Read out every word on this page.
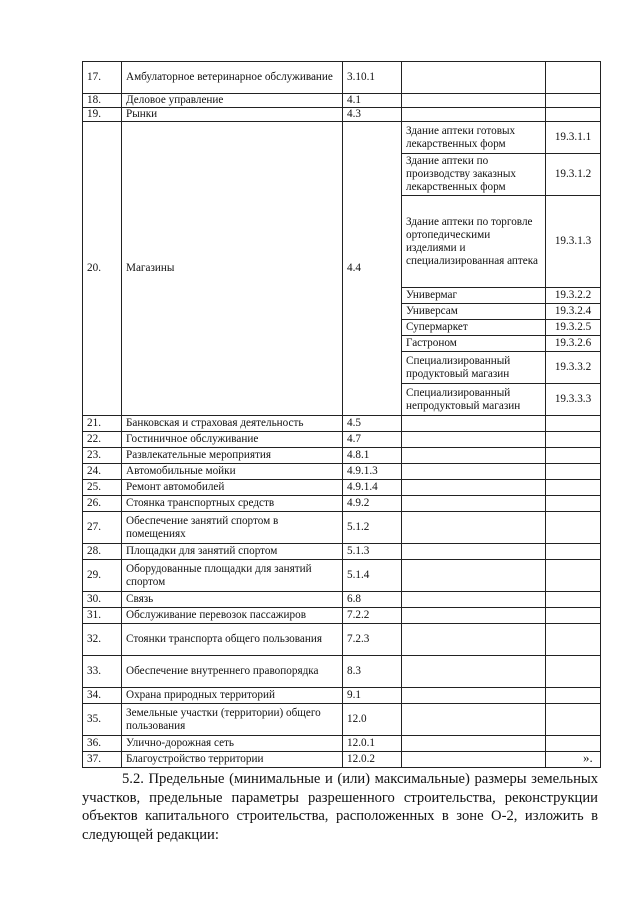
17.	Амбулаторное ветеринарное обслуживание	3.10.1		
18.	Деловое управление	4.1		
19.	Рынки	4.3		
20.	Магазины	4.4	Здание аптеки готовых лекарственных форм	19.3.1.1
			Здание аптеки по производству заказных лекарственных форм	19.3.1.2
			Здание аптеки по торговле ортопедическими изделиями и специализированная аптека	19.3.1.3
			Универмаг	19.3.2.2
			Универсам	19.3.2.4
			Супермаркет	19.3.2.5
			Гастроном	19.3.2.6
			Специализированный продуктовый магазин	19.3.3.2
			Специализированный непродуктовый магазин	19.3.3.3
21.	Банковская и страховая деятельность	4.5		
22.	Гостиничное обслуживание	4.7		
23.	Развлекательные мероприятия	4.8.1		
24.	Автомобильные мойки	4.9.1.3		
25.	Ремонт автомобилей	4.9.1.4		
26.	Стоянка транспортных средств	4.9.2		
27.	Обеспечение занятий спортом в помещениях	5.1.2		
28.	Площадки для занятий спортом	5.1.3		
29.	Оборудованные площадки для занятий спортом	5.1.4		
30.	Связь	6.8		
31.	Обслуживание перевозок пассажиров	7.2.2		
32.	Стоянки транспорта общего пользования	7.2.3		
33.	Обеспечение внутреннего правопорядка	8.3		
34.	Охрана природных территорий	9.1		
35.	Земельные участки (территории) общего пользования	12.0		
36.	Улично-дорожная сеть	12.0.1		
37.	Благоустройство территории	12.0.2			».

5.2. Предельные (минимальные и (или) максимальные) размеры земельных участков, предельные параметры разрешенного строительства, реконструкции объектов капитального строительства, расположенных в зоне О-2, изложить в следующей редакции:
